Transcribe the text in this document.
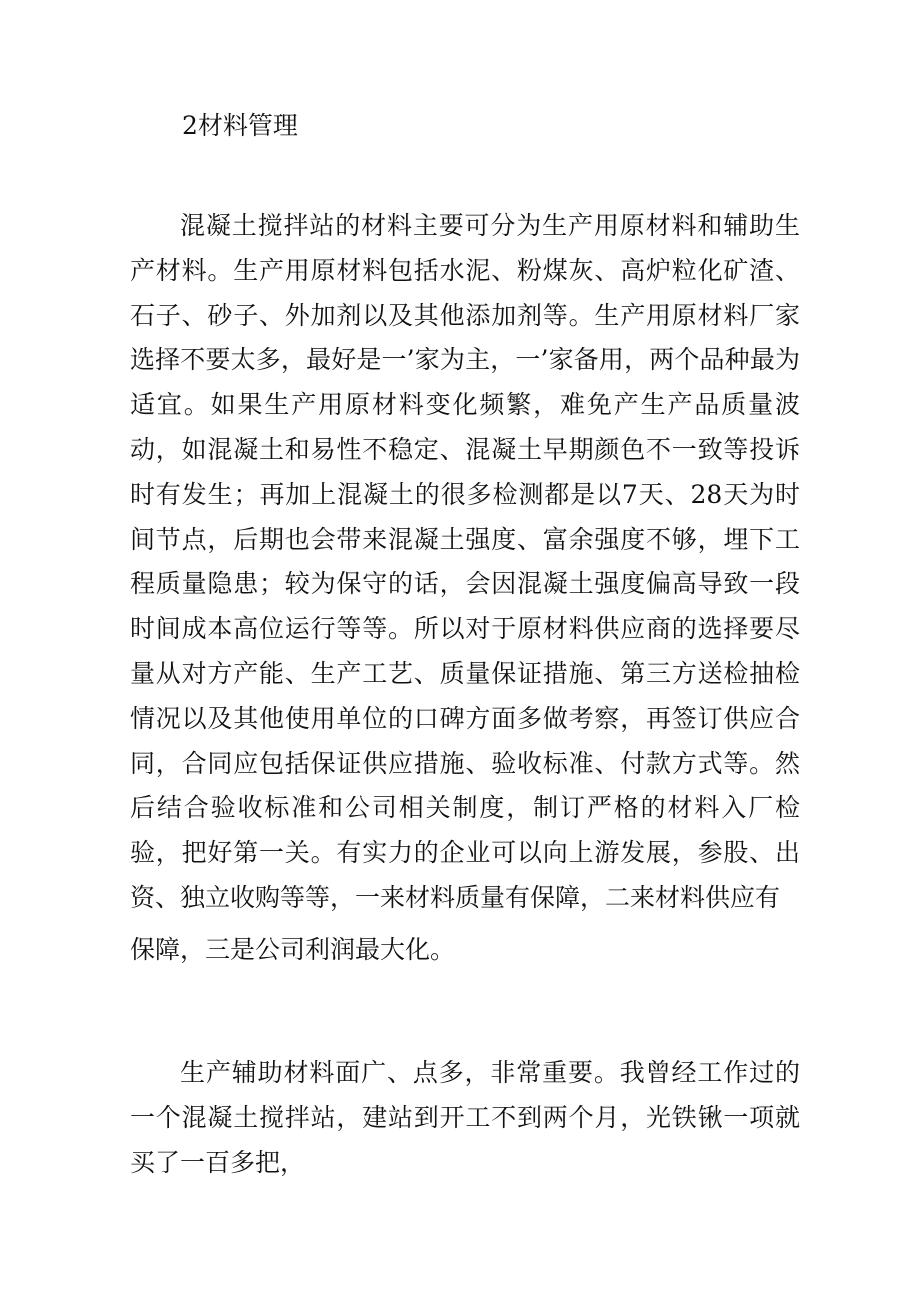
2材料管理

混凝土搅拌站的材料主要可分为生产用原材料和辅助生产材料。生产用原材料包括水泥、粉煤灰、高炉粒化矿渣、石子、砂子、外加剂以及其他添加剂等。生产用原材料厂家选择不要太多，最好是一’家为主，一’家备用，两个品种最为适宜。如果生产用原材料变化频繁，难免产生产品质量波动，如混凝土和易性不稳定、混凝土早期颜色不一致等投诉时有发生；再加上混凝土的很多检测都是以7天、28天为时间节点，后期也会带来混凝土强度、富余强度不够，埋下工程质量隐患；较为保守的话，会因混凝土强度偏高导致一段时间成本高位运行等等。所以对于原材料供应商的选择要尽量从对方产能、生产工艺、质量保证措施、第三方送检抽检情况以及其他使用单位的口碑方面多做考察，再签订供应合同，合同应包括保证供应措施、验收标准、付款方式等。然后结合验收标准和公司相关制度，制订严格的材料入厂检验，把好第一关。有实力的企业可以向上游发展，参股、出资、独立收购等等，一来材料质量有保障，二来材料供应有

保障，三是公司利润最大化。

生产辅助材料面广、点多，非常重要。我曾经工作过的一个混凝土搅拌站，建站到开工不到两个月，光铁锹一项就买了一百多把，
